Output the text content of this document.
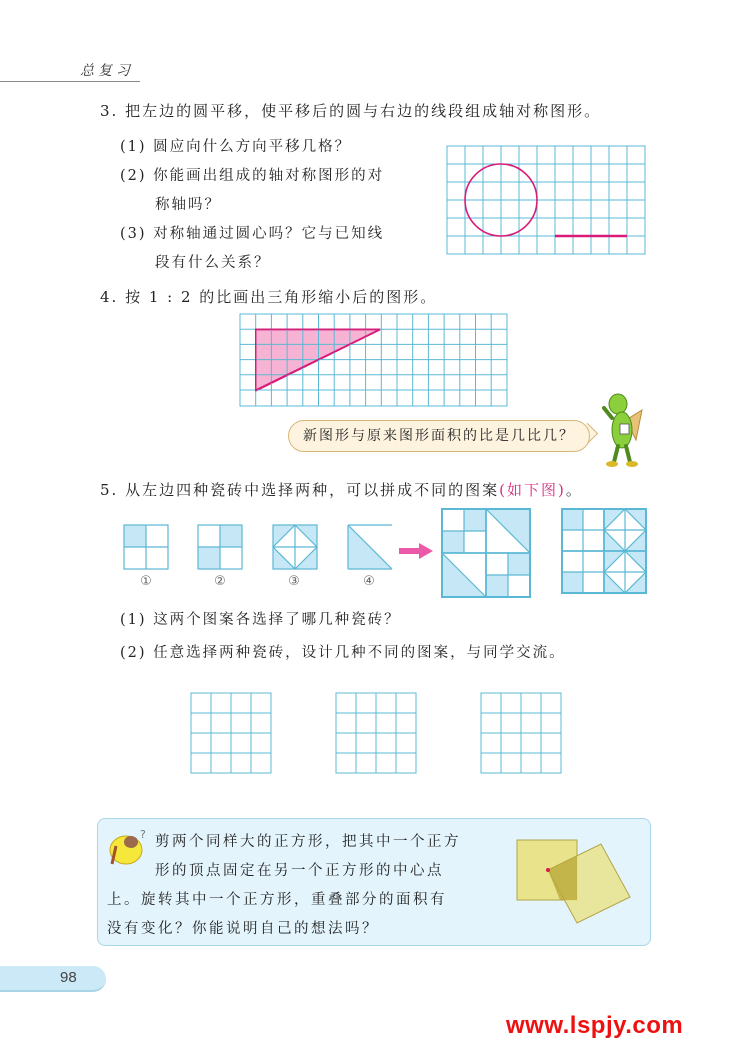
总复习
3. 把左边的圆平移，使平移后的圆与右边的线段组成轴对称图形。
(1) 圆应向什么方向平移几格？
(2) 你能画出组成的轴对称图形的对
称轴吗？
(3) 对称轴通过圆心吗？它与已知线
段有什么关系？
4. 按 1 : 2 的比画出三角形缩小后的图形。
新图形与原来图形面积的比是几比几？
5. 从左边四种瓷砖中选择两种，可以拼成不同的图案(如下图)。
①	②	③	④
(1) 这两个图案各选择了哪几种瓷砖？
(2) 任意选择两种瓷砖，设计几种不同的图案，与同学交流。
? 剪两个同样大的正方形，把其中一个正方
形的顶点固定在另一个正方形的中心点
上。旋转其中一个正方形，重叠部分的面积有
没有变化？你能说明自己的想法吗？
98
www.lspjy.com
